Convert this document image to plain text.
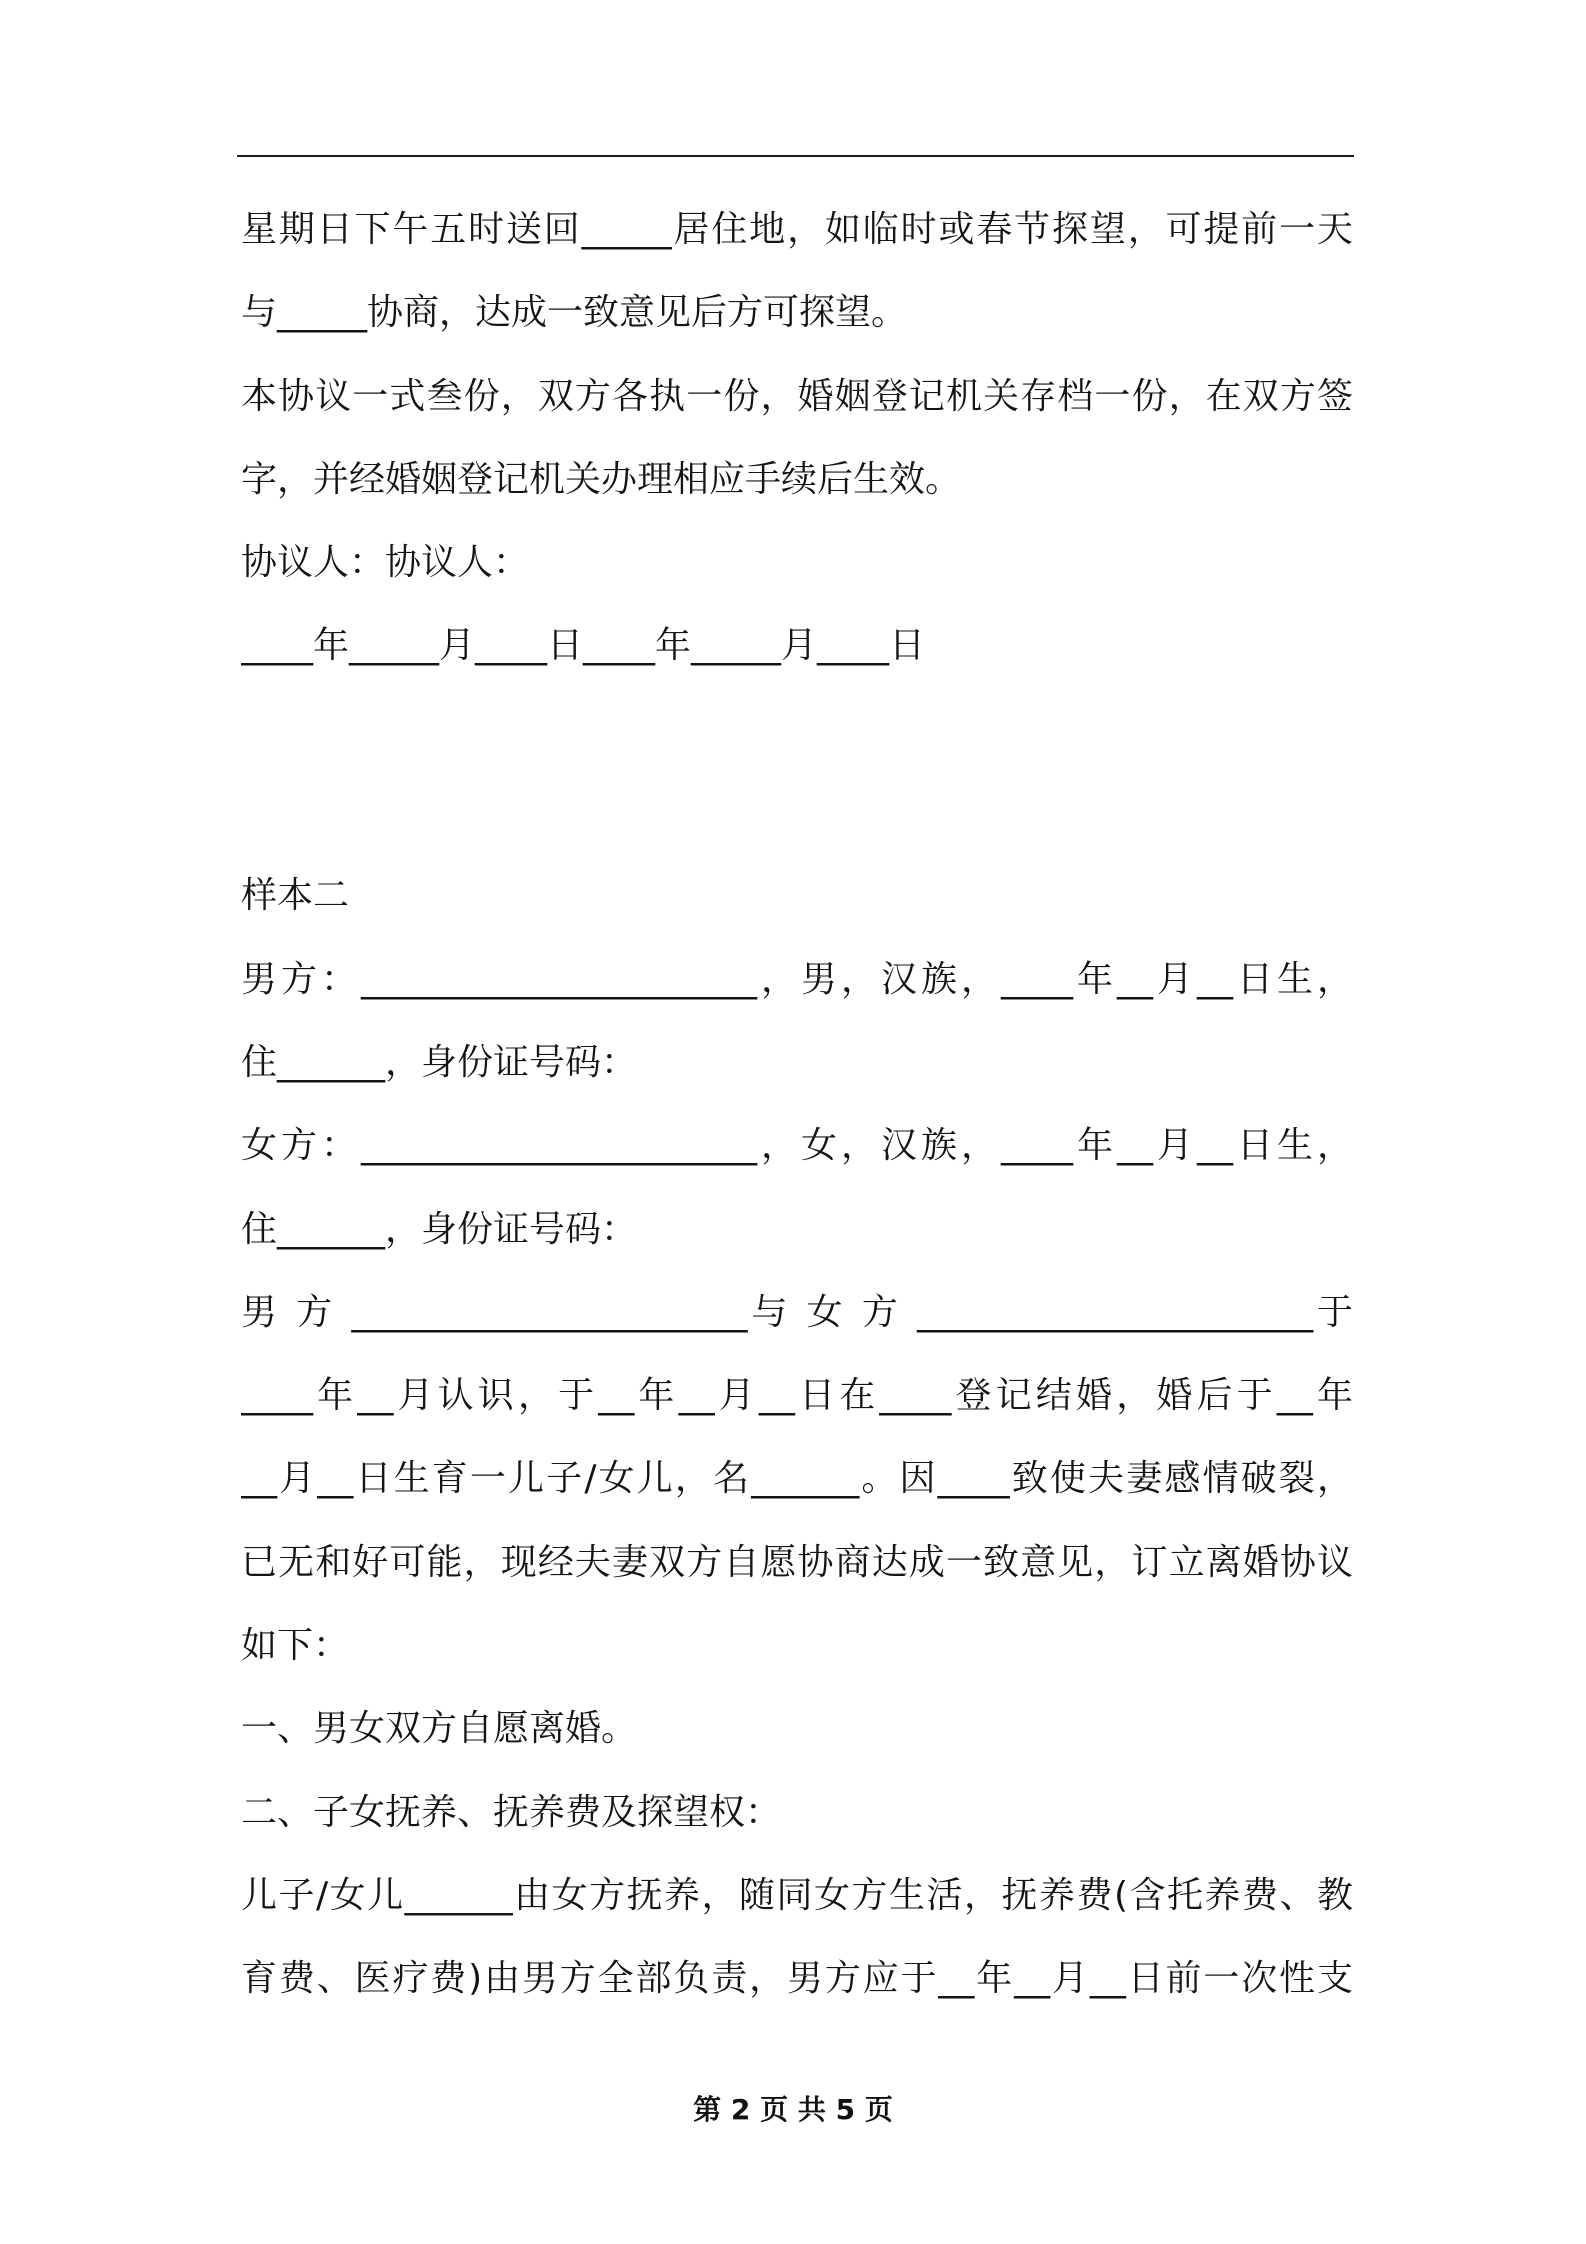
星期日下午五时送回_____居住地，如临时或春节探望，可提前一天
与_____协商，达成一致意见后方可探望。
本协议一式叁份，双方各执一份，婚姻登记机关存档一份，在双方签
字，并经婚姻登记机关办理相应手续后生效。
协议人：协议人：
____年_____月____日____年_____月____日
样本二
男方：______________________，男，汉族，____年__月__日生，
住______，身份证号码：
女方：______________________，女，汉族，____年__月__日生，
住______，身份证号码：
男 方 ______________________与 女 方 ______________________于
____年__月认识，于__年__月__日在____登记结婚，婚后于__年
__月__日生育一儿子/女儿，名______。因____致使夫妻感情破裂，
已无和好可能，现经夫妻双方自愿协商达成一致意见，订立离婚协议
如下：
一、男女双方自愿离婚。
二、子女抚养、抚养费及探望权：
儿子/女儿______由女方抚养，随同女方生活，抚养费(含托养费、教
育费、医疗费)由男方全部负责，男方应于__年__月__日前一次性支
第 2 页 共 5 页
